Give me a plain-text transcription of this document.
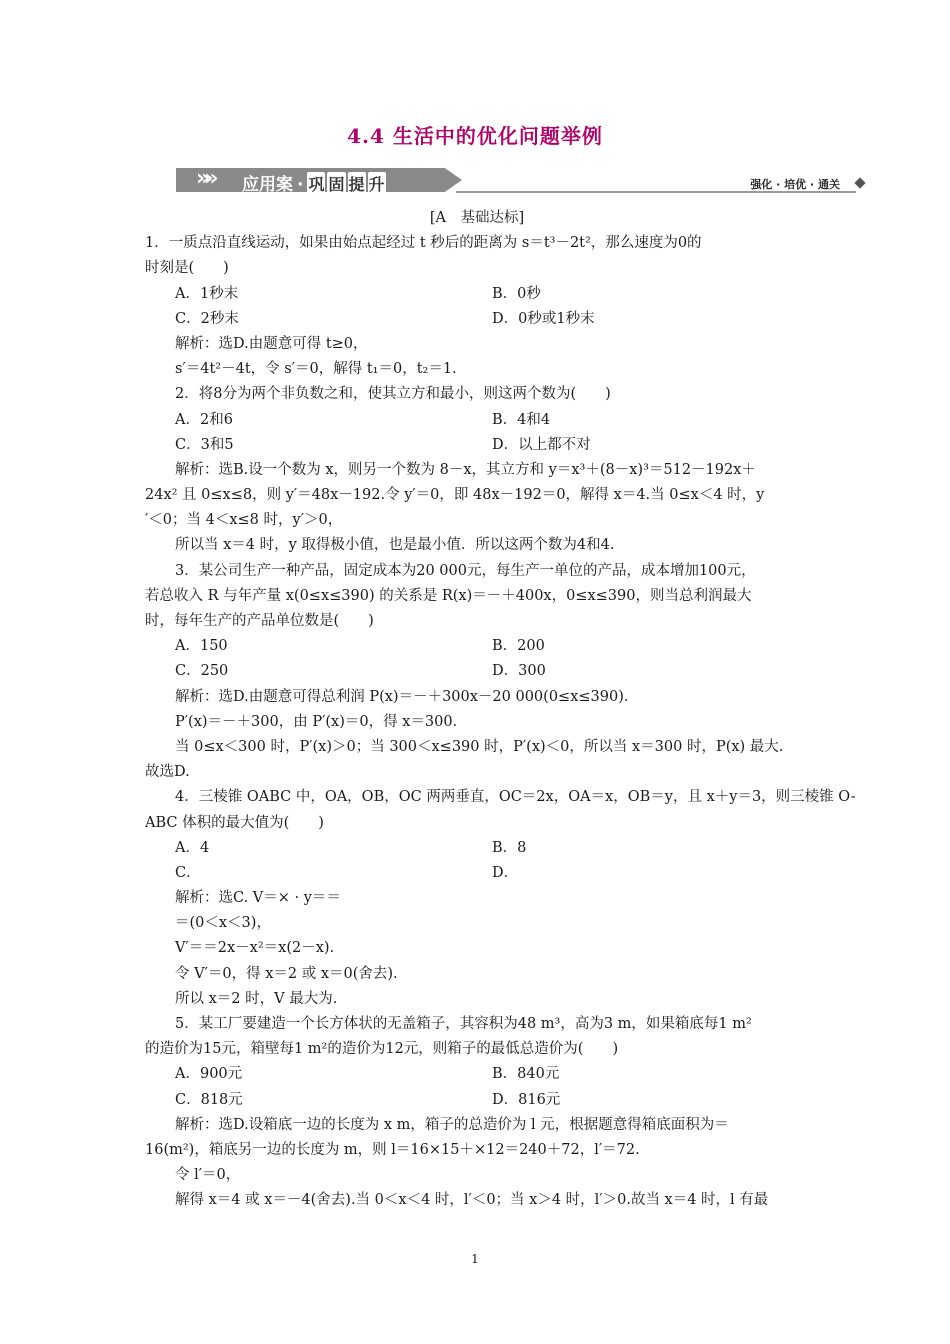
4.4 生活中的优化问题举例
»» 应用案 · 巩 固 提 升	强化 · 培优 · 通关
[A　基础达标]
1．一质点沿直线运动，如果由始点起经过 t 秒后的距离为 s＝t³－2t²，那么速度为0的
时刻是(　　)
A．1秒末	B．0秒
C．2秒末	D．0秒或1秒末
解析：选D.由题意可得 t≥0，
s′＝4t²－4t，令 s′＝0，解得 t₁＝0，t₂＝1.
2．将8分为两个非负数之和，使其立方和最小，则这两个数为(　　)
A．2和6	B．4和4
C．3和5	D．以上都不对
解析：选B.设一个数为 x，则另一个数为 8－x，其立方和 y＝x³＋(8－x)³＝512－192x＋
24x² 且 0≤x≤8，则 y′＝48x－192.令 y′＝0，即 48x－192＝0，解得 x＝4.当 0≤x＜4 时，y
′＜0；当 4＜x≤8 时，y′＞0，
所以当 x＝4 时，y 取得极小值，也是最小值．所以这两个数为4和4.
3．某公司生产一种产品，固定成本为20 000元，每生产一单位的产品，成本增加100元，
若总收入 R 与年产量 x(0≤x≤390) 的关系是 R(x)＝－＋400x，0≤x≤390，则当总利润最大
时，每年生产的产品单位数是(　　)
A．150	B．200
C．250	D．300
解析：选D.由题意可得总利润 P(x)＝－＋300x－20 000(0≤x≤390).
P′(x)＝－＋300，由 P′(x)＝0，得 x＝300.
当 0≤x＜300 时，P′(x)＞0；当 300＜x≤390 时，P′(x)＜0，所以当 x＝300 时，P(x) 最大.
故选D.
4．三棱锥 OABC 中，OA，OB，OC 两两垂直，OC＝2x，OA＝x，OB＝y，且 x＋y＝3，则三棱锥 O-
ABC 体积的最大值为(　　)
A．4	B．8
C．	D．
解析：选C. V＝× · y＝＝
＝(0＜x＜3)，
V′＝＝2x－x²＝x(2－x).
令 V′＝0，得 x＝2 或 x＝0(舍去).
所以 x＝2 时，V 最大为.
5．某工厂要建造一个长方体状的无盖箱子，其容积为48 m³，高为3 m，如果箱底每1 m²
的造价为15元，箱壁每1 m²的造价为12元，则箱子的最低总造价为(　　)
A．900元	B．840元
C．818元	D．816元
解析：选D.设箱底一边的长度为 x m，箱子的总造价为 l 元，根据题意得箱底面积为＝
16(m²)，箱底另一边的长度为 m，则 l＝16×15＋×12＝240＋72，l′＝72.
令 l′＝0，
解得 x＝4 或 x＝－4(舍去).当 0＜x＜4 时，l′＜0；当 x＞4 时，l′＞0.故当 x＝4 时，l 有最
1
